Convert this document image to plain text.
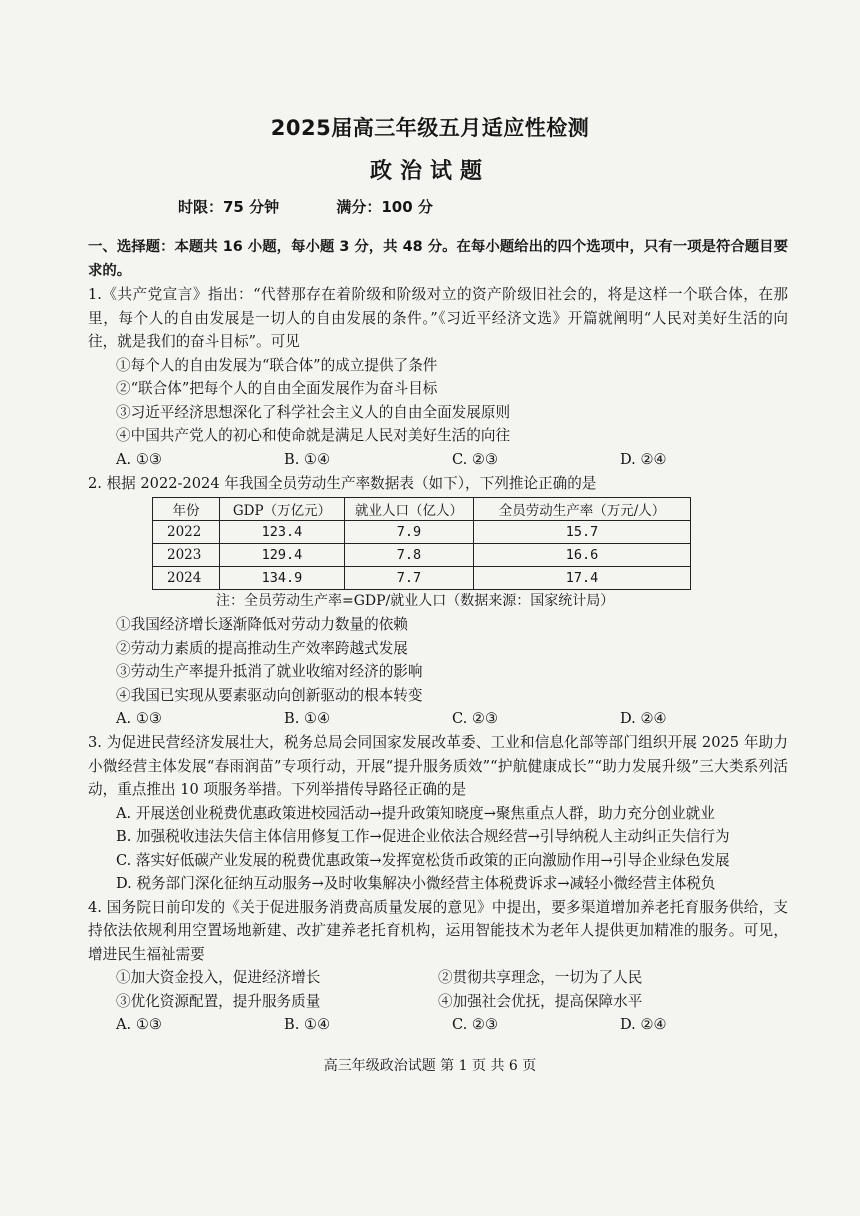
2025届高三年级五月适应性检测
政治试题
时限：75 分钟	满分：100 分
一、选择题：本题共 16 小题，每小题 3 分，共 48 分。在每小题给出的四个选项中，只有一项是符合题目要求的。
1.《共产党宣言》指出：“代替那存在着阶级和阶级对立的资产阶级旧社会的，将是这样一个联合体，在那里，每个人的自由发展是一切人的自由发展的条件。”《习近平经济文选》开篇就阐明“人民对美好生活的向往，就是我们的奋斗目标”。可见
①每个人的自由发展为“联合体”的成立提供了条件
②“联合体”把每个人的自由全面发展作为奋斗目标
③习近平经济思想深化了科学社会主义人的自由全面发展原则
④中国共产党人的初心和使命就是满足人民对美好生活的向往
A. ①③	B. ①④	C. ②③	D. ②④
2. 根据 2022-2024 年我国全员劳动生产率数据表（如下），下列推论正确的是
年份	GDP（万亿元）	就业人口（亿人）	全员劳动生产率（万元/人）
2022	123.4	7.9	15.7
2023	129.4	7.8	16.6
2024	134.9	7.7	17.4
注：全员劳动生产率=GDP/就业人口（数据来源：国家统计局）
①我国经济增长逐渐降低对劳动力数量的依赖
②劳动力素质的提高推动生产效率跨越式发展
③劳动生产率提升抵消了就业收缩对经济的影响
④我国已实现从要素驱动向创新驱动的根本转变
A. ①③	B. ①④	C. ②③	D. ②④
3. 为促进民营经济发展壮大，税务总局会同国家发展改革委、工业和信息化部等部门组织开展 2025 年助力小微经营主体发展“春雨润苗”专项行动，开展“提升服务质效”“护航健康成长”“助力发展升级”三大类系列活动，重点推出 10 项服务举措。下列举措传导路径正确的是
A. 开展送创业税费优惠政策进校园活动→提升政策知晓度→聚焦重点人群，助力充分创业就业
B. 加强税收违法失信主体信用修复工作→促进企业依法合规经营→引导纳税人主动纠正失信行为
C. 落实好低碳产业发展的税费优惠政策→发挥宽松货币政策的正向激励作用→引导企业绿色发展
D. 税务部门深化征纳互动服务→及时收集解决小微经营主体税费诉求→减轻小微经营主体税负
4. 国务院日前印发的《关于促进服务消费高质量发展的意见》中提出，要多渠道增加养老托育服务供给，支持依法依规利用空置场地新建、改扩建养老托育机构，运用智能技术为老年人提供更加精准的服务。可见，增进民生福祉需要
①加大资金投入，促进经济增长	②贯彻共享理念，一切为了人民
③优化资源配置，提升服务质量	④加强社会优抚，提高保障水平
A. ①③	B. ①④	C. ②③	D. ②④
高三年级政治试题 第 1 页 共 6 页
